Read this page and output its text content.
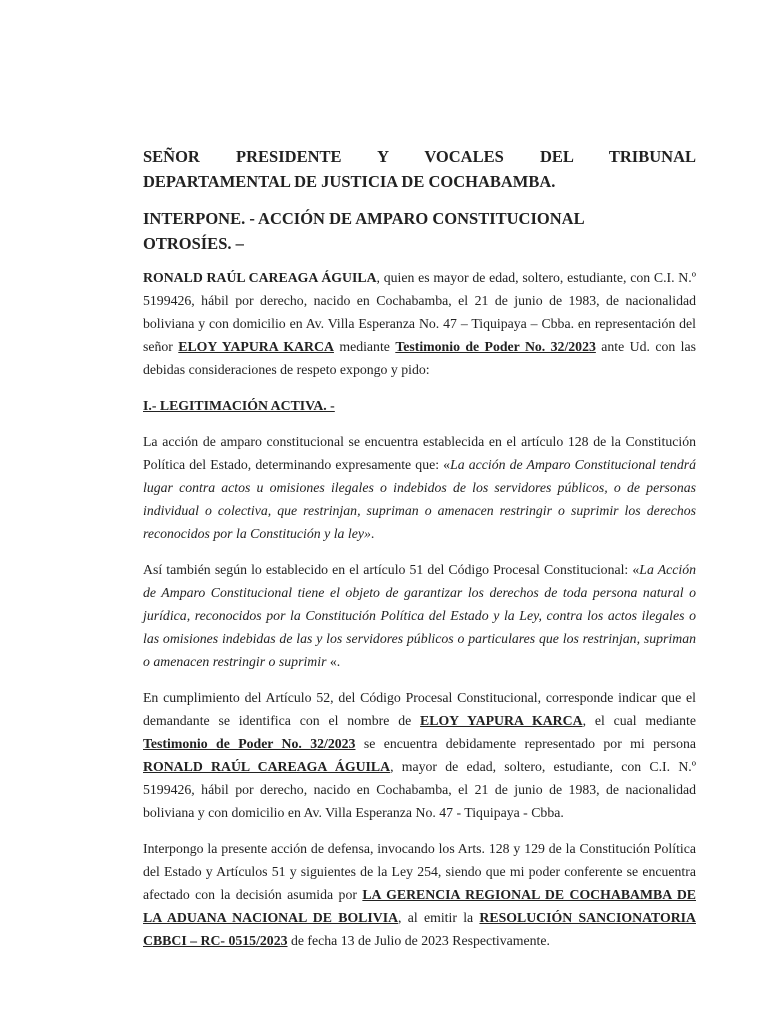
SEÑOR PRESIDENTE Y VOCALES DEL TRIBUNAL
DEPARTAMENTAL DE JUSTICIA DE COCHABAMBA.
INTERPONE. - ACCIÓN DE AMPARO CONSTITUCIONAL
OTROSÍES. –

RONALD RAÚL CAREAGA ÁGUILA, quien es mayor de edad, soltero, estudiante, con C.I. N.º 5199426, hábil por derecho, nacido en Cochabamba, el 21 de junio de 1983, de nacionalidad boliviana y con domicilio en Av. Villa Esperanza No. 47 – Tiquipaya – Cbba. en representación del señor ELOY YAPURA KARCA mediante Testimonio de Poder No. 32/2023 ante Ud. con las debidas consideraciones de respeto expongo y pido:

I.- LEGITIMACIÓN ACTIVA. -

La acción de amparo constitucional se encuentra establecida en el artículo 128 de la Constitución Política del Estado, determinando expresamente que: «La acción de Amparo Constitucional tendrá lugar contra actos u omisiones ilegales o indebidos de los servidores públicos, o de personas individual o colectiva, que restrinjan, supriman o amenacen restringir o suprimir los derechos reconocidos por la Constitución y la ley».

Así también según lo establecido en el artículo 51 del Código Procesal Constitucional: «La Acción de Amparo Constitucional tiene el objeto de garantizar los derechos de toda persona natural o jurídica, reconocidos por la Constitución Política del Estado y la Ley, contra los actos ilegales o las omisiones indebidas de las y los servidores públicos o particulares que los restrinjan, supriman o amenacen restringir o suprimir «.

En cumplimiento del Artículo 52, del Código Procesal Constitucional, corresponde indicar que el demandante se identifica con el nombre de ELOY YAPURA KARCA, el cual mediante Testimonio de Poder No. 32/2023 se encuentra debidamente representado por mi persona RONALD RAÚL CAREAGA ÁGUILA, mayor de edad, soltero, estudiante, con C.I. N.º 5199426, hábil por derecho, nacido en Cochabamba, el 21 de junio de 1983, de nacionalidad boliviana y con domicilio en Av. Villa Esperanza No. 47 - Tiquipaya - Cbba.

Interpongo la presente acción de defensa, invocando los Arts. 128 y 129 de la Constitución Política del Estado y Artículos 51 y siguientes de la Ley 254, siendo que mi poder conferente se encuentra afectado con la decisión asumida por LA GERENCIA REGIONAL DE COCHABAMBA DE LA ADUANA NACIONAL DE BOLIVIA, al emitir la RESOLUCIÓN SANCIONATORIA CBBCI – RC- 0515/2023 de fecha 13 de Julio de 2023 Respectivamente.
